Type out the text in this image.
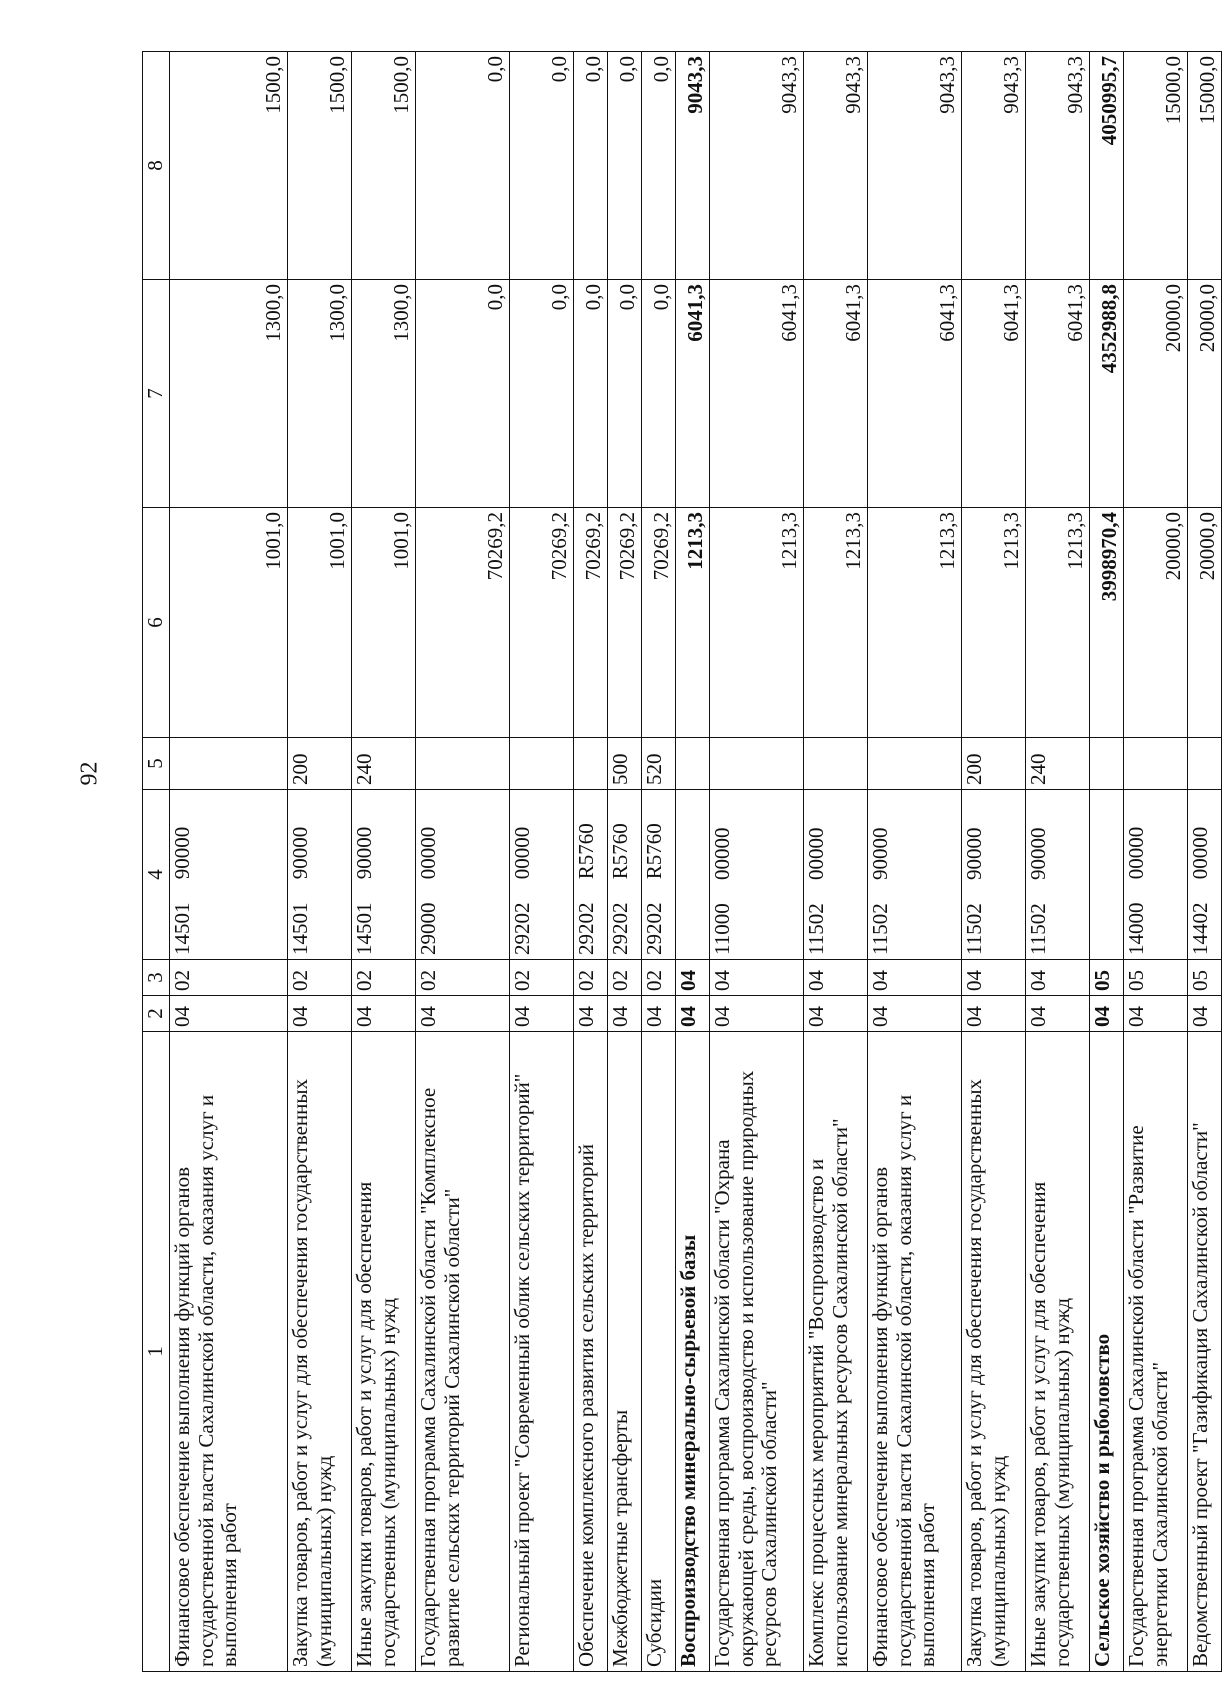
92
1	2	3	4	5	6	7	8
Финансовое обеспечение выполнения функций органов государственной власти Сахалинской области, оказания услуг и выполнения работ	04	02	14501 90000		1001,0	1300,0	1500,0
Закупка товаров, работ и услуг для обеспечения государственных (муниципальных) нужд	04	02	14501 90000	200	1001,0	1300,0	1500,0
Иные закупки товаров, работ и услуг для обеспечения государственных (муниципальных) нужд	04	02	14501 90000	240	1001,0	1300,0	1500,0
Государственная программа Сахалинской области "Комплексное развитие сельских территорий Сахалинской области"	04	02	29000 00000		70269,2	0,0	0,0
Региональный проект "Современный облик сельских территорий"	04	02	29202 00000		70269,2	0,0	0,0
Обеспечение комплексного развития сельских территорий	04	02	29202 R5760		70269,2	0,0	0,0
Межбюджетные трансферты	04	02	29202 R5760	500	70269,2	0,0	0,0
Субсидии	04	02	29202 R5760	520	70269,2	0,0	0,0
Воспроизводство минерально-сырьевой базы	04	04			1213,3	6041,3	9043,3
Государственная программа Сахалинской области "Охрана окружающей среды, воспроизводство и использование природных ресурсов Сахалинской области"	04	04	11000 00000		1213,3	6041,3	9043,3
Комплекс процессных мероприятий "Воспроизводство и использование минеральных ресурсов Сахалинской области"	04	04	11502 00000		1213,3	6041,3	9043,3
Финансовое обеспечение выполнения функций органов государственной власти Сахалинской области, оказания услуг и выполнения работ	04	04	11502 90000		1213,3	6041,3	9043,3
Закупка товаров, работ и услуг для обеспечения государственных (муниципальных) нужд	04	04	11502 90000	200	1213,3	6041,3	9043,3
Иные закупки товаров, работ и услуг для обеспечения государственных (муниципальных) нужд	04	04	11502 90000	240	1213,3	6041,3	9043,3
Сельское хозяйство и рыболовство	04	05			3998970,4	4352988,8	4050995,7
Государственная программа Сахалинской области "Развитие энергетики Сахалинской области"	04	05	14000 00000		20000,0	20000,0	15000,0
Ведомственный проект "Газификация Сахалинской области"	04	05	14402 00000		20000,0	20000,0	15000,0
